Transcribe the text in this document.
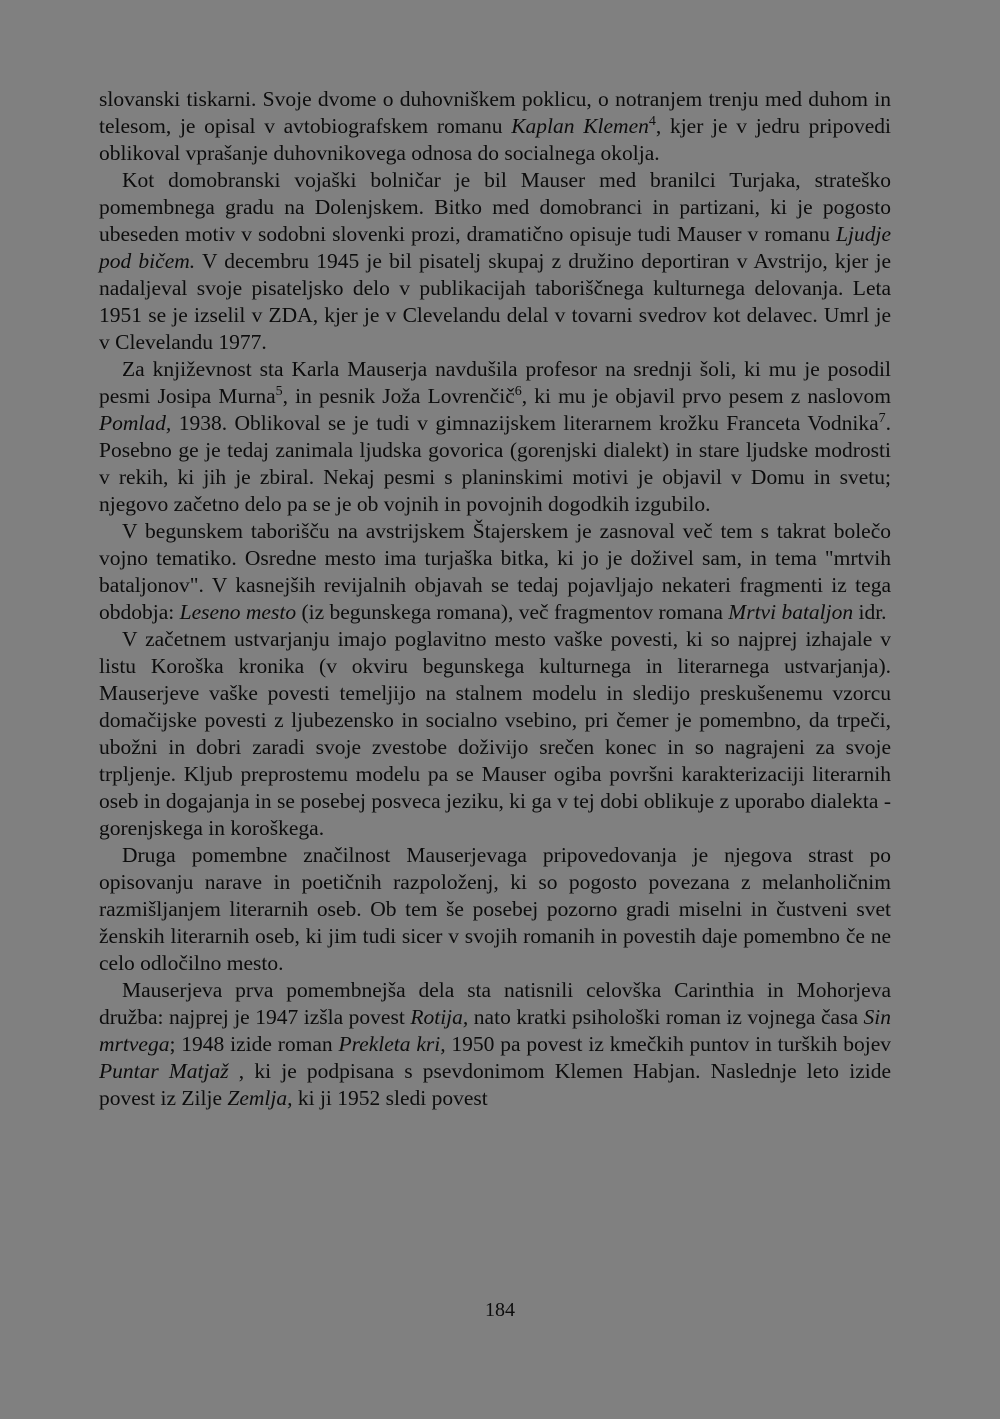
slovanski tiskarni. Svoje dvome o duhovniškem poklicu, o notranjem trenju med duhom in telesom, je opisal v avtobiografskem romanu Kaplan Klemen$^4$, kjer je v jedru pripovedi oblikoval vprašanje duhovnikovega odnosa do socialnega okolja.

Kot domobranski vojaški bolničar je bil Mauser med branilci Turjaka, strateško pomembnega gradu na Dolenjskem. Bitko med domobranci in partizani, ki je pogosto ubeseden motiv v sodobni slovenki prozi, dramatično opisuje tudi Mauser v romanu Ljudje pod bičem. V decembru 1945 je bil pisatelj skupaj z družino deportiran v Avstrijo, kjer je nadaljeval svoje pisateljsko delo v publikacijah taboriščnega kulturnega delovanja. Leta 1951 se je izselil v ZDA, kjer je v Clevelandu delal v tovarni svedrov kot delavec. Umrl je v Clevelandu 1977.

Za književnost sta Karla Mauserja navdušila profesor na srednji šoli, ki mu je posodil pesmi Josipa Murna$^5$, in pesnik Joža Lovrenčič$^6$, ki mu je objavil prvo pesem z naslovom Pomlad, 1938. Oblikoval se je tudi v gimnazijskem literarnem krožku Franceta Vodnika$^7$. Posebno ge je tedaj zanimala ljudska govorica (gorenjski dialekt) in stare ljudske modrosti v rekih, ki jih je zbiral. Nekaj pesmi s planinskimi motivi je objavil v Domu in svetu; njegovo začetno delo pa se je ob vojnih in povojnih dogodkih izgubilo.

V begunskem taborišču na avstrijskem Štajerskem je zasnoval več tem s takrat bolečo vojno tematiko. Osredne mesto ima turjaška bitka, ki jo je doživel sam, in tema "mrtvih bataljonov". V kasnejših revijalnih objavah se tedaj pojavljajo nekateri fragmenti iz tega obdobja: Leseno mesto (iz begunskega romana), več fragmentov romana Mrtvi bataljon idr.

V začetnem ustvarjanju imajo poglavitno mesto vaške povesti, ki so najprej izhajale v listu Koroška kronika (v okviru begunskega kulturnega in literarnega ustvarjanja). Mauserjeve vaške povesti temeljijo na stalnem modelu in sledijo preskušenemu vzorcu domačijske povesti z ljubezensko in socialno vsebino, pri čemer je pomembno, da trpeči, ubožni in dobri zaradi svoje zvestobe doživijo srečen konec in so nagrajeni za svoje trpljenje. Kljub preprostemu modelu pa se Mauser ogiba površni karakterizaciji literarnih oseb in dogajanja in se posebej posveca jeziku, ki ga v tej dobi oblikuje z uporabo dialekta - gorenjskega in koroškega.

Druga pomembne značilnost Mauserjevaga pripovedovanja je njegova strast po opisovanju narave in poetičnih razpoloženj, ki so pogosto povezana z melanholičnim razmišljanjem literarnih oseb. Ob tem še posebej pozorno gradi miselni in čustveni svet ženskih literarnih oseb, ki jim tudi sicer v svojih romanih in povestih daje pomembno če ne celo odločilno mesto.

Mauserjeva prva pomembnejša dela sta natisnili celovška Carinthia in Mohorjeva družba: najprej je 1947 izšla povest Rotija, nato kratki psihološki roman iz vojnega časa Sin mrtvega; 1948 izide roman Prekleta kri, 1950 pa povest iz kmečkih puntov in turških bojev Puntar Matjaž , ki je podpisana s psevdonimom Klemen Habjan. Naslednje leto izide povest iz Zilje Zemlja, ki ji 1952 sledi povest

184
